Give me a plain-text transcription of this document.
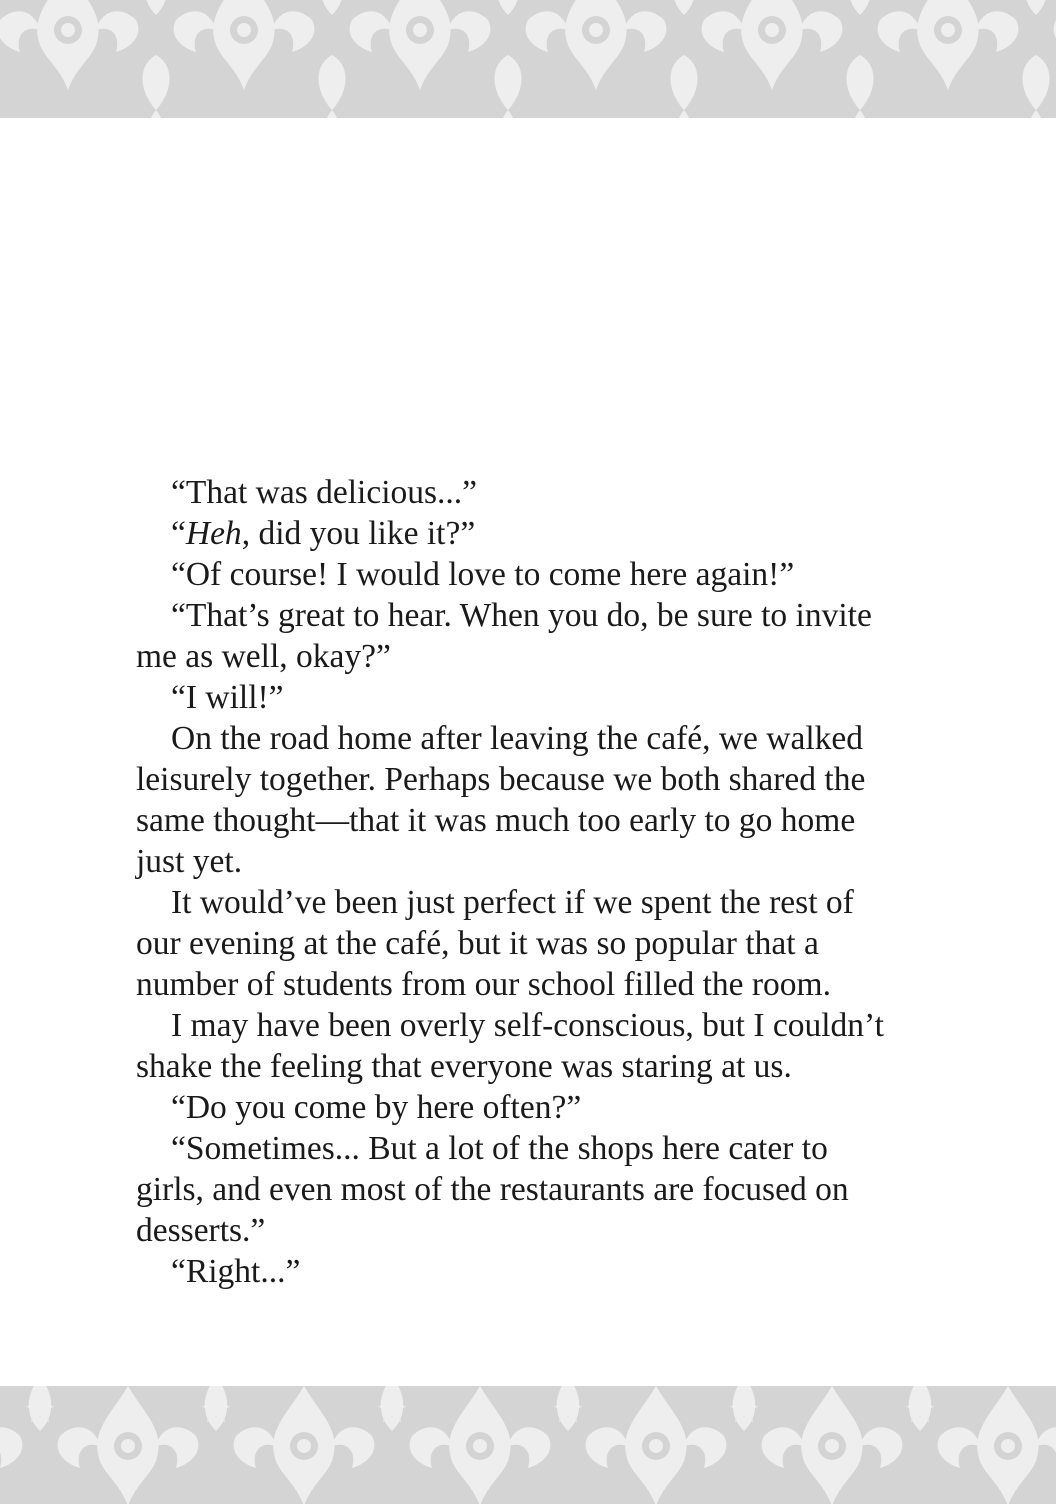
“That was delicious...”

“Heh, did you like it?”

“Of course! I would love to come here again!”

“That’s great to hear. When you do, be sure to invite me as well, okay?”

“I will!”

On the road home after leaving the café, we walked leisurely together. Perhaps because we both shared the same thought—that it was much too early to go home just yet.

It would’ve been just perfect if we spent the rest of our evening at the café, but it was so popular that a number of students from our school filled the room.

I may have been overly self-conscious, but I couldn’t shake the feeling that everyone was staring at us.

“Do you come by here often?”

“Sometimes... But a lot of the shops here cater to girls, and even most of the restaurants are focused on desserts.”

“Right...”
